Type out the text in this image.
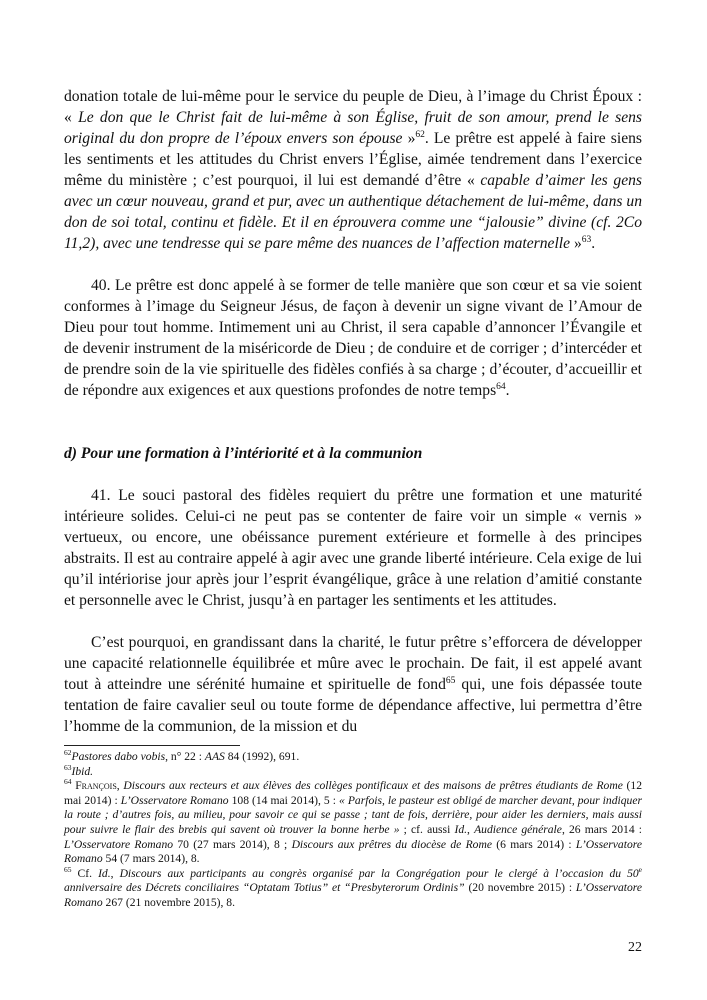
donation totale de lui-même pour le service du peuple de Dieu, à l’image du Christ Époux : « Le don que le Christ fait de lui-même à son Église, fruit de son amour, prend le sens original du don propre de l’époux envers son épouse »$^{62}$. Le prêtre est appelé à faire siens les sentiments et les attitudes du Christ envers l’Église, aimée tendrement dans l’exercice même du ministère ; c’est pourquoi, il lui est demandé d’être « capable d’aimer les gens avec un cœur nouveau, grand et pur, avec un authentique détachement de lui-même, dans un don de soi total, continu et fidèle. Et il en éprouvera comme une “jalousie” divine (cf. 2Co 11,2), avec une tendresse qui se pare même des nuances de l’affection maternelle »$^{63}$.

40. Le prêtre est donc appelé à se former de telle manière que son cœur et sa vie soient conformes à l’image du Seigneur Jésus, de façon à devenir un signe vivant de l’Amour de Dieu pour tout homme. Intimement uni au Christ, il sera capable d’annoncer l’Évangile et de devenir instrument de la miséricorde de Dieu ; de conduire et de corriger ; d’intercéder et de prendre soin de la vie spirituelle des fidèles confiés à sa charge ; d’écouter, d’accueillir et de répondre aux exigences et aux questions profondes de notre temps$^{64}$.

d) Pour une formation à l’intériorité et à la communion

41. Le souci pastoral des fidèles requiert du prêtre une formation et une maturité intérieure solides. Celui-ci ne peut pas se contenter de faire voir un simple « vernis » vertueux, ou encore, une obéissance purement extérieure et formelle à des principes abstraits. Il est au contraire appelé à agir avec une grande liberté intérieure. Cela exige de lui qu’il intériorise jour après jour l’esprit évangélique, grâce à une relation d’amitié constante et personnelle avec le Christ, jusqu’à en partager les sentiments et les attitudes.

C’est pourquoi, en grandissant dans la charité, le futur prêtre s’efforcera de développer une capacité relationnelle équilibrée et mûre avec le prochain. De fait, il est appelé avant tout à atteindre une sérénité humaine et spirituelle de fond$^{65}$ qui, une fois dépassée toute tentation de faire cavalier seul ou toute forme de dépendance affective, lui permettra d’être l’homme de la communion, de la mission et du

$^{62}$Pastores dabo vobis, n° 22 : AAS 84 (1992), 691.

$^{63}$Ibid.

$^{64}$ François, Discours aux recteurs et aux élèves des collèges pontificaux et des maisons de prêtres étudiants de Rome (12 mai 2014) : L’Osservatore Romano 108 (14 mai 2014), 5 : « Parfois, le pasteur est obligé de marcher devant, pour indiquer la route ; d’autres fois, au milieu, pour savoir ce qui se passe ; tant de fois, derrière, pour aider les derniers, mais aussi pour suivre le flair des brebis qui savent où trouver la bonne herbe » ; cf. aussi Id., Audience générale, 26 mars 2014 : L’Osservatore Romano 70 (27 mars 2014), 8 ; Discours aux prêtres du diocèse de Rome (6 mars 2014) : L’Osservatore Romano 54 (7 mars 2014), 8.

$^{65}$ Cf. Id., Discours aux participants au congrès organisé par la Congrégation pour le clergé à l’occasion du 50e anniversaire des Décrets conciliaires “Optatam Totius” et “Presbyterorum Ordinis” (20 novembre 2015) : L’Osservatore Romano 267 (21 novembre 2015), 8.

22
